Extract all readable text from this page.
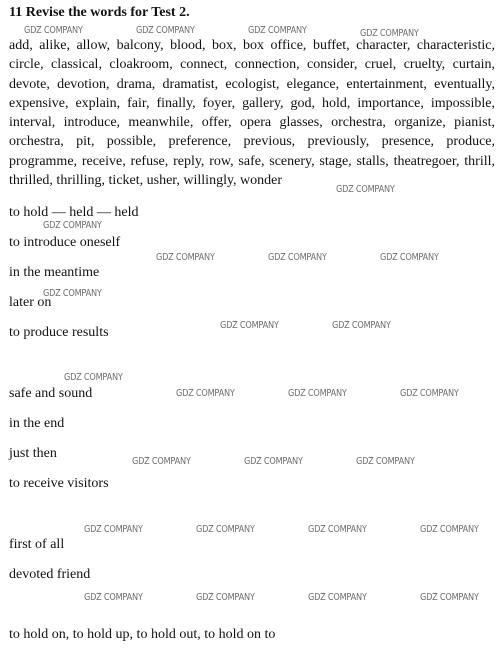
11 Revise the words for Test 2.
add, alike, allow, balcony, blood, box, box office, buffet, character, characteristic, circle, classical, cloakroom, connect, connection, consider, cruel, cruelty, curtain, devote, devotion, drama, dramatist, ecologist, elegance, entertainment, eventually, expensive, explain, fair, finally, foyer, gallery, god, hold, importance, impossible, interval, introduce, meanwhile, offer, opera glasses, orchestra, organize, pianist, orchestra, pit, possible, preference, previous, previously, presence, produce, programme, receive, refuse, reply, row, safe, scenery, stage, stalls, theatregoer, thrill, thrilled, thrilling, ticket, usher, willingly, wonder
to hold — held — held
to introduce oneself
in the meantime
later on
to produce results
safe and sound
in the end
just then
to receive visitors
first of all
devoted friend
to hold on, to hold up, to hold out, to hold on to
GDZ COMPANY	GDZ COMPANY	GDZ COMPANY	GDZ COMPANY
GDZ COMPANY
GDZ COMPANY
GDZ COMPANY	GDZ COMPANY	GDZ COMPANY
GDZ COMPANY
GDZ COMPANY	GDZ COMPANY
GDZ COMPANY
GDZ COMPANY	GDZ COMPANY	GDZ COMPANY
GDZ COMPANY	GDZ COMPANY	GDZ COMPANY
GDZ COMPANY	GDZ COMPANY	GDZ COMPANY	GDZ COMPANY
GDZ COMPANY	GDZ COMPANY	GDZ COMPANY	GDZ COMPANY
